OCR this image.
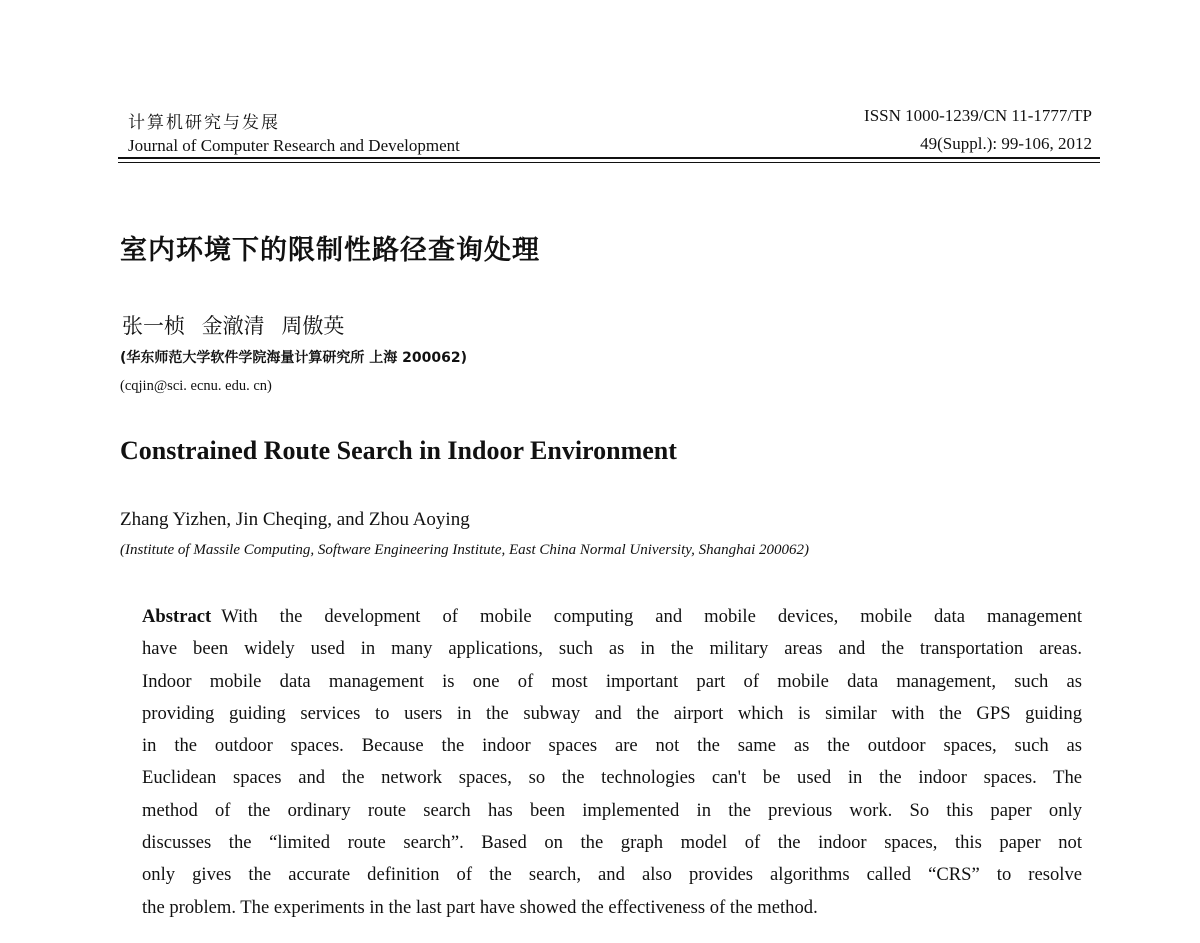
计算机研究与发展
Journal of Computer Research and Development
ISSN 1000-1239/CN 11-1777/TP
49(Suppl.): 99-106, 2012
室内环境下的限制性路径查询处理
张一桢 金澈清 周傲英
(华东师范大学软件学院海量计算研究所 上海 200062)
(cqjin@sci. ecnu. edu. cn)
Constrained Route Search in Indoor Environment
Zhang Yizhen, Jin Cheqing, and Zhou Aoying
(Institute of Massile Computing, Software Engineering Institute, East China Normal University, Shanghai 200062)
Abstract With the development of mobile computing and mobile devices, mobile data management
have been widely used in many applications, such as in the military areas and the transportation areas.
Indoor mobile data management is one of most important part of mobile data management, such as
providing guiding services to users in the subway and the airport which is similar with the GPS guiding
in the outdoor spaces. Because the indoor spaces are not the same as the outdoor spaces, such as
Euclidean spaces and the network spaces, so the technologies can't be used in the indoor spaces. The
method of the ordinary route search has been implemented in the previous work. So this paper only
discusses the “limited route search”. Based on the graph model of the indoor spaces, this paper not
only gives the accurate definition of the search, and also provides algorithms called “CRS” to resolve
the problem. The experiments in the last part have showed the effectiveness of the method.
